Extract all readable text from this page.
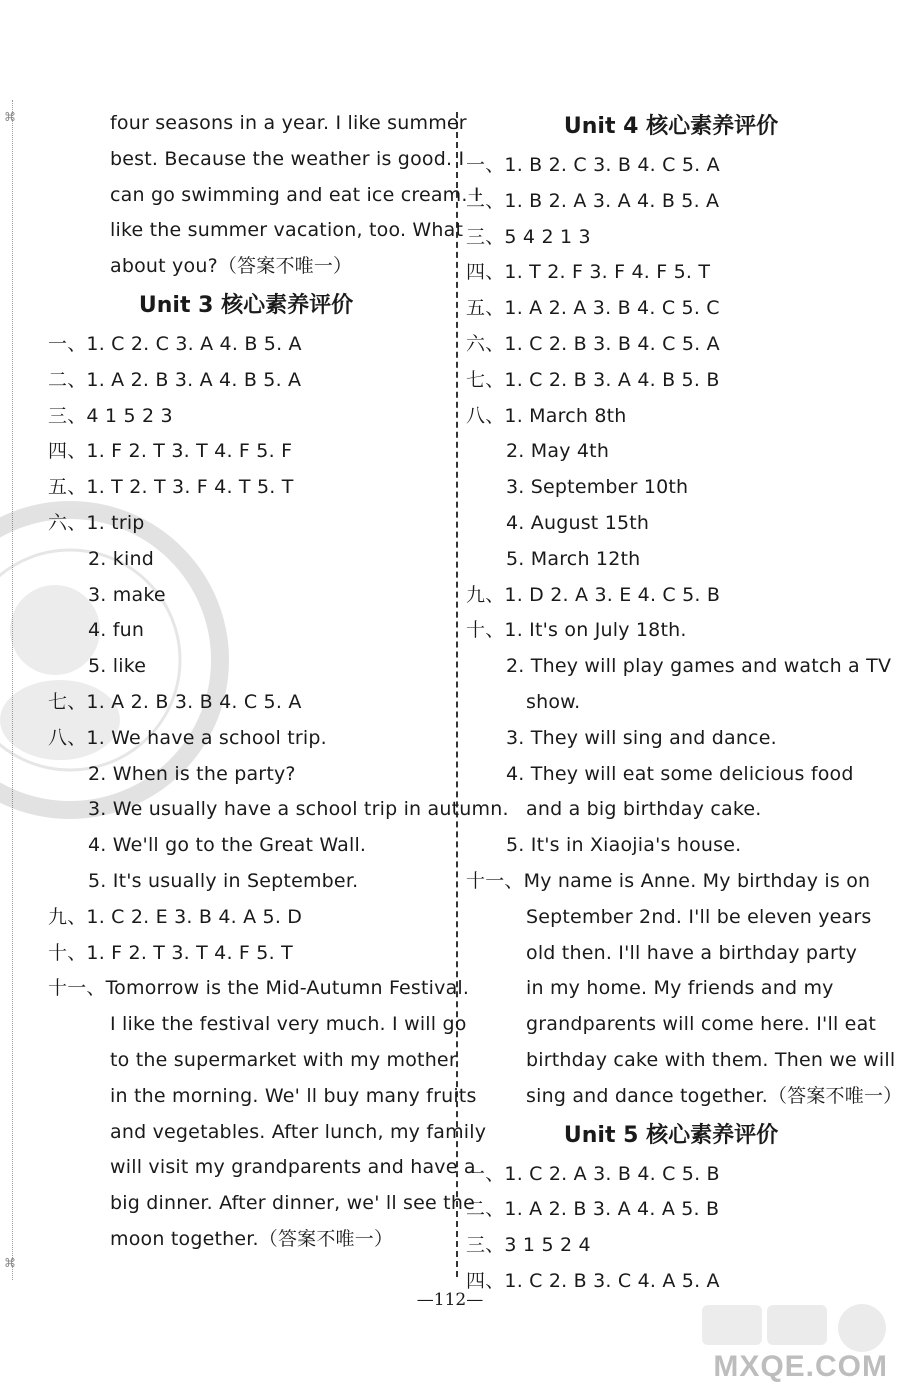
⌘
⌘
four seasons in a year. I like summer
best. Because the weather is good. I
can go swimming and eat ice cream. I
like the summer vacation, too. What
about you?（答案不唯一）
Unit 3 核心素养评价
一、1. C 2. C 3. A 4. B 5. A
二、1. A 2. B 3. A 4. B 5. A
三、4 1 5 2 3
四、1. F 2. T 3. T 4. F 5. F
五、1. T 2. T 3. F 4. T 5. T
六、1. trip
2. kind
3. make
4. fun
5. like
七、1. A 2. B 3. B 4. C 5. A
八、1. We have a school trip.
2. When is the party?
3. We usually have a school trip in autumn.
4. We'll go to the Great Wall.
5. It's usually in September.
九、1. C 2. E 3. B 4. A 5. D
十、1. F 2. T 3. T 4. F 5. T
十一、Tomorrow is the Mid-Autumn Festival.
I like the festival very much. I will go
to the supermarket with my mother
in the morning. We' ll buy many fruits
and vegetables. After lunch, my family
will visit my grandparents and have a
big dinner. After dinner, we' ll see the
moon together.（答案不唯一）
Unit 4 核心素养评价
一、1. B 2. C 3. B 4. C 5. A
二、1. B 2. A 3. A 4. B 5. A
三、5 4 2 1 3
四、1. T 2. F 3. F 4. F 5. T
五、1. A 2. A 3. B 4. C 5. C
六、1. C 2. B 3. B 4. C 5. A
七、1. C 2. B 3. A 4. B 5. B
八、1. March 8th
2. May 4th
3. September 10th
4. August 15th
5. March 12th
九、1. D 2. A 3. E 4. C 5. B
十、1. It's on July 18th.
2. They will play games and watch a TV
show.
3. They will sing and dance.
4. They will eat some delicious food
and a big birthday cake.
5. It's in Xiaojia's house.
十一、My name is Anne. My birthday is on
September 2nd. I'll be eleven years
old then. I'll have a birthday party
in my home. My friends and my
grandparents will come here. I'll eat
birthday cake with them. Then we will
sing and dance together.（答案不唯一）
Unit 5 核心素养评价
一、1. C 2. A 3. B 4. C 5. B
二、1. A 2. B 3. A 4. A 5. B
三、3 1 5 2 4
四、1. C 2. B 3. C 4. A 5. A
—112—
MXQE.COM
